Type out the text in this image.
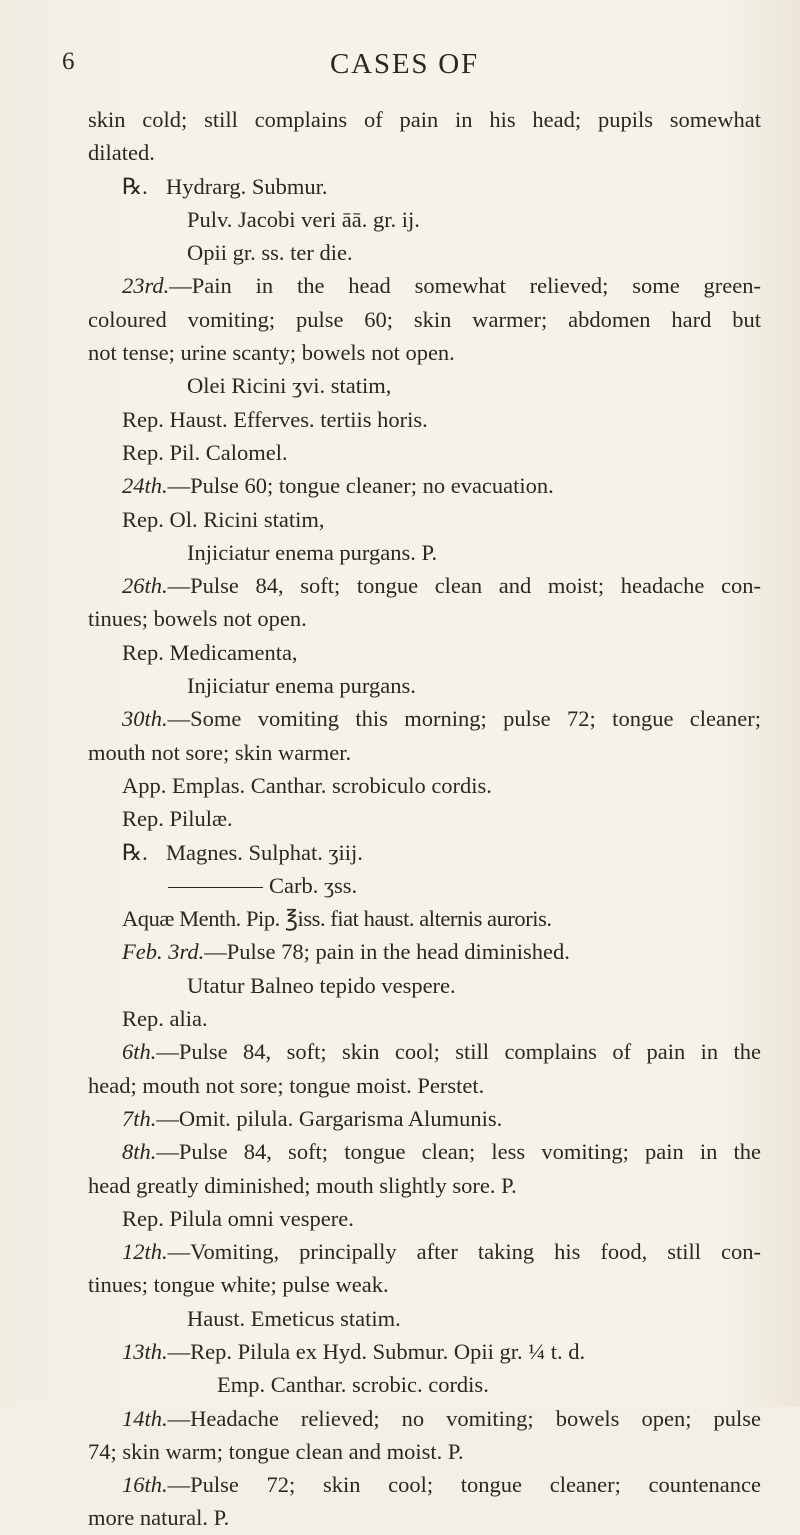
6	CASES OF
skin cold; still complains of pain in his head; pupils somewhat
dilated.
℞. Hydrarg. Submur.
Pulv. Jacobi veri āā. gr. ij.
Opii gr. ss. ter die.
23rd.—Pain in the head somewhat relieved; some green-
coloured vomiting; pulse 60; skin warmer; abdomen hard but
not tense; urine scanty; bowels not open.
Olei Ricini ʒvi. statim,
Rep. Haust. Efferves. tertiis horis.
Rep. Pil. Calomel.
24th.—Pulse 60; tongue cleaner; no evacuation.
Rep. Ol. Ricini statim,
Injiciatur enema purgans. P.
26th.—Pulse 84, soft; tongue clean and moist; headache con-
tinues; bowels not open.
Rep. Medicamenta,
Injiciatur enema purgans.
30th.—Some vomiting this morning; pulse 72; tongue cleaner;
mouth not sore; skin warmer.
App. Emplas. Canthar. scrobiculo cordis.
Rep. Pilulæ.
℞. Magnes. Sulphat. ʒiij.
Carb. ʒss.
Aquæ Menth. Pip. ℥iss. fiat haust. alternis auroris.
Feb. 3rd.—Pulse 78; pain in the head diminished.
Utatur Balneo tepido vespere.
Rep. alia.
6th.—Pulse 84, soft; skin cool; still complains of pain in the
head; mouth not sore; tongue moist. Perstet.
7th.—Omit. pilula. Gargarisma Alumunis.
8th.—Pulse 84, soft; tongue clean; less vomiting; pain in the
head greatly diminished; mouth slightly sore. P.
Rep. Pilula omni vespere.
12th.—Vomiting, principally after taking his food, still con-
tinues; tongue white; pulse weak.
Haust. Emeticus statim.
13th.—Rep. Pilula ex Hyd. Submur. Opii gr. ¼ t. d.
Emp. Canthar. scrobic. cordis.
14th.—Headache relieved; no vomiting; bowels open; pulse
74; skin warm; tongue clean and moist. P.
16th.—Pulse 72; skin cool; tongue cleaner; countenance
more natural. P.
